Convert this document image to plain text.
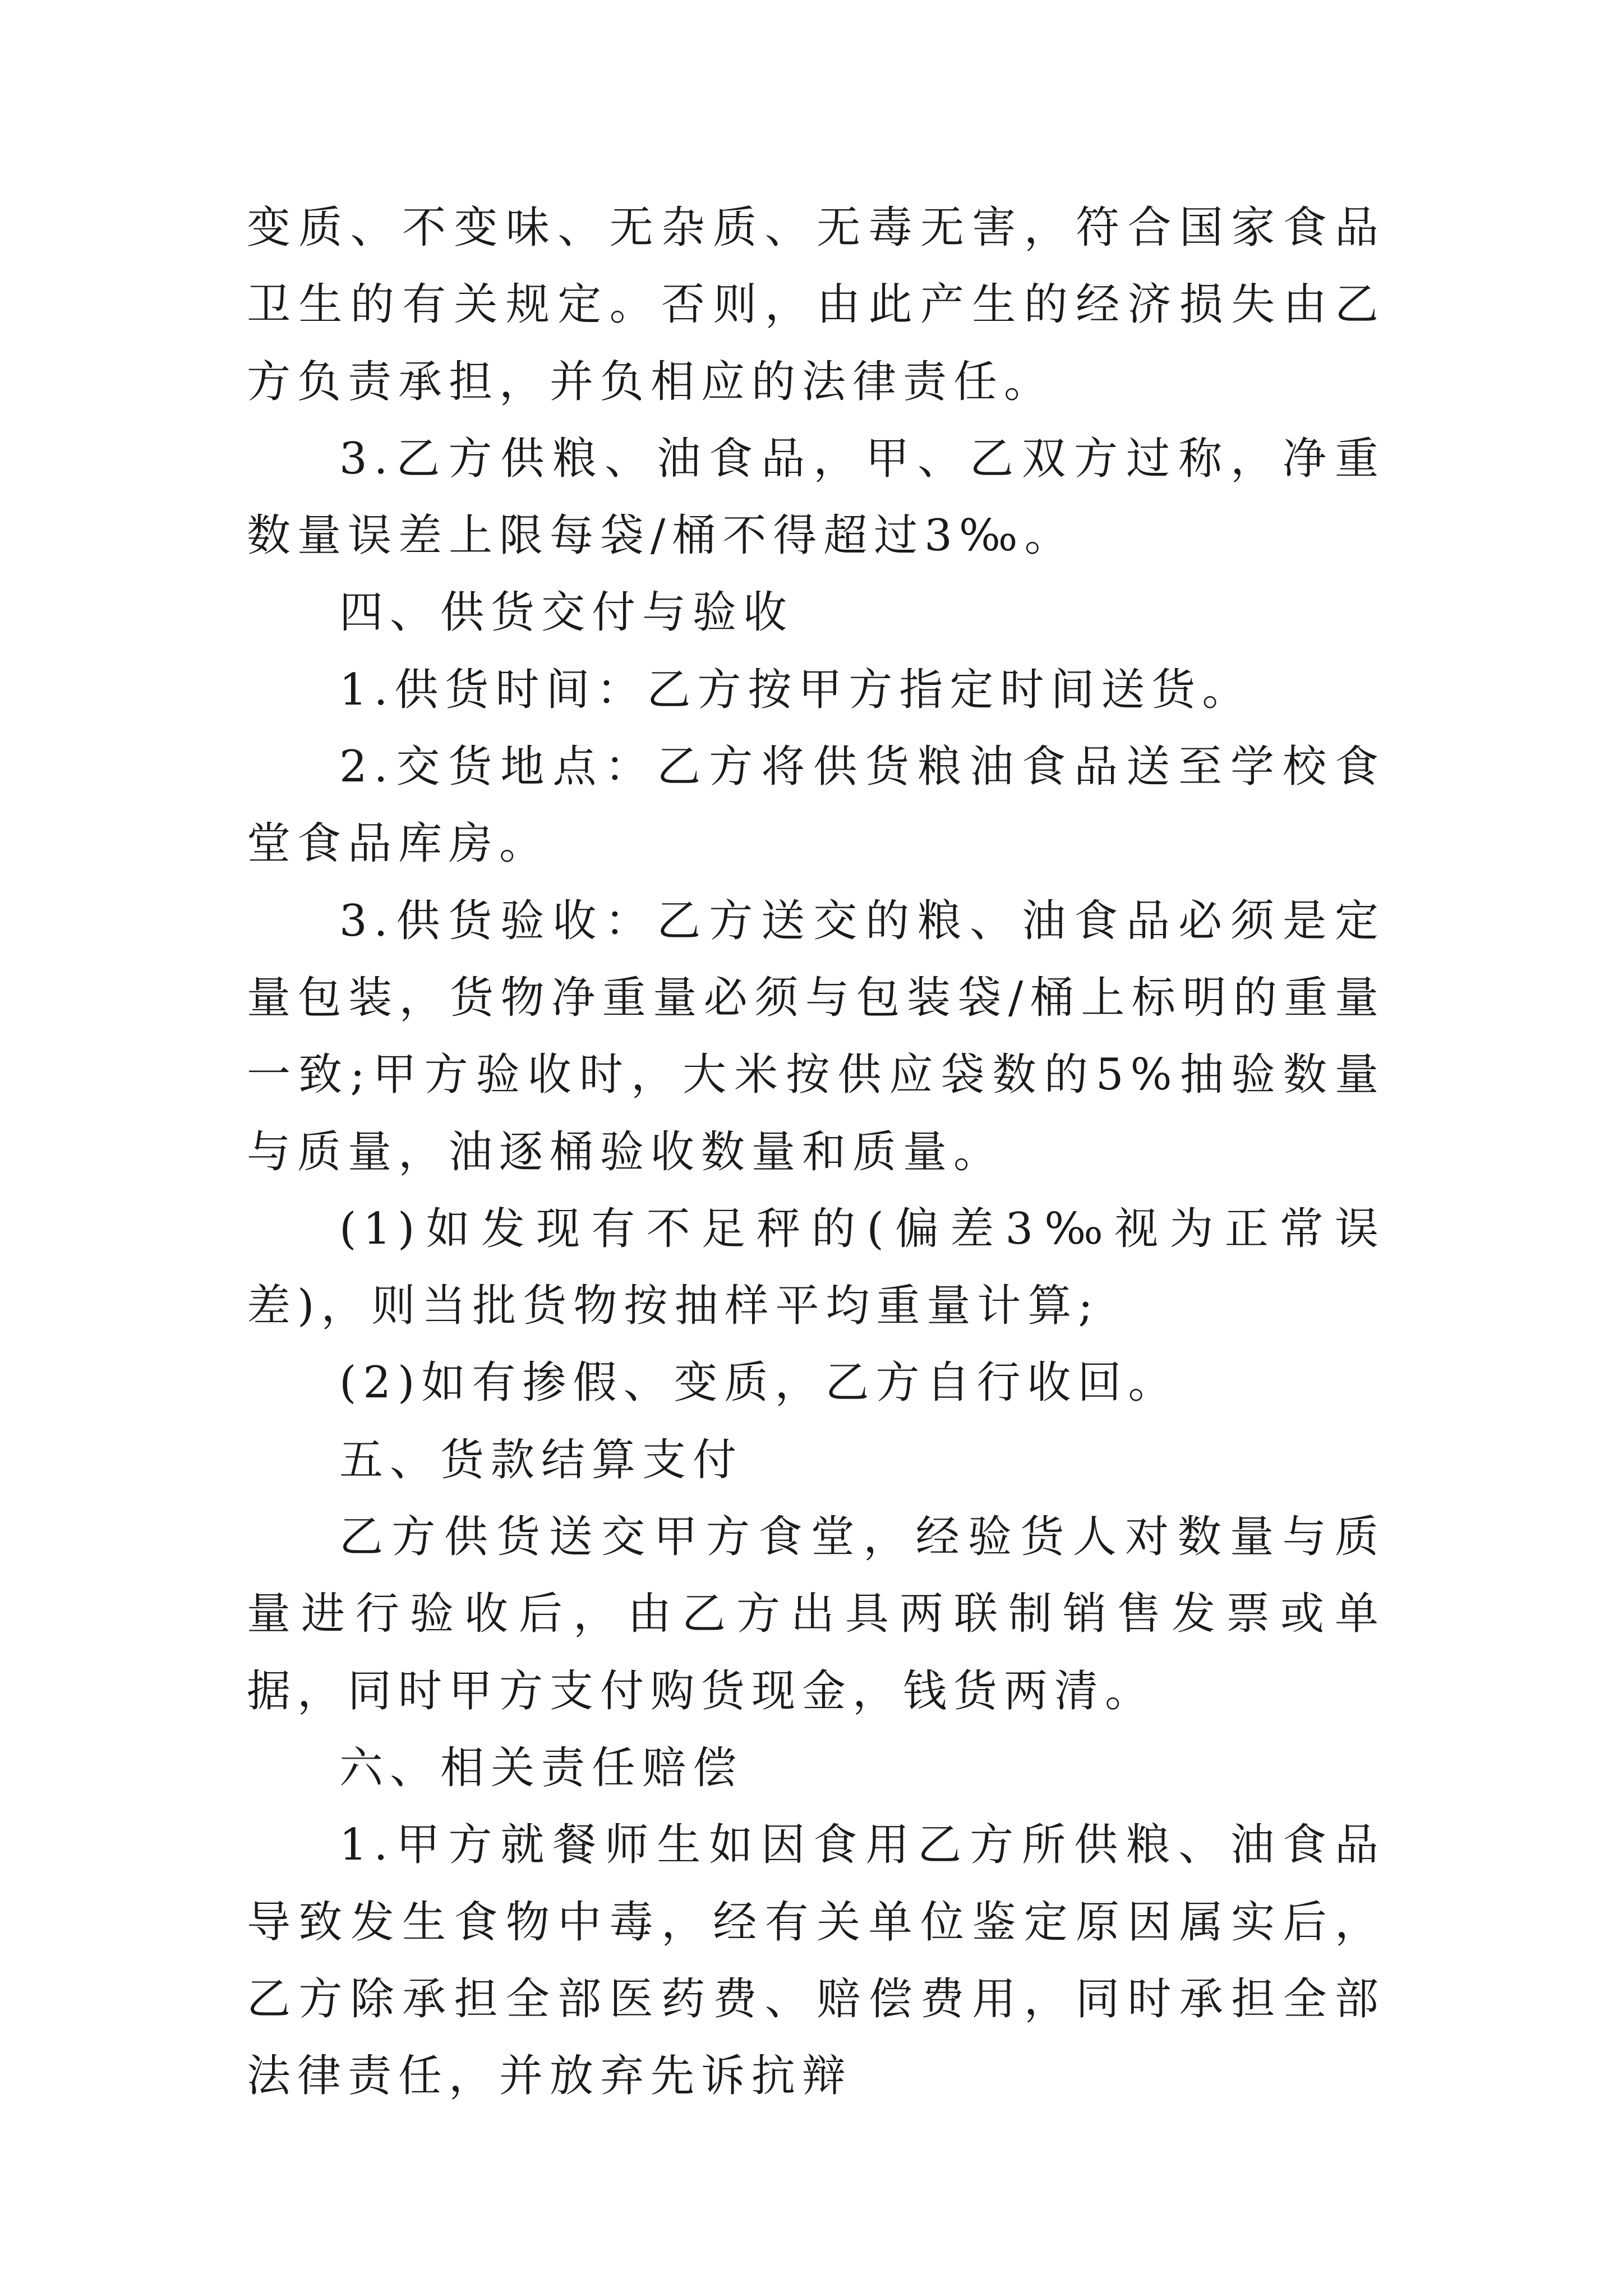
变质、不变味、无杂质、无毒无害，符合国家食品卫生的有关规定。否则，由此产生的经济损失由乙方负责承担，并负相应的法律责任。

3.乙方供粮、油食品，甲、乙双方过称，净重数量误差上限每袋/桶不得超过3‰。

四、供货交付与验收

1.供货时间：乙方按甲方指定时间送货。

2.交货地点：乙方将供货粮油食品送至学校食堂食品库房。

3.供货验收：乙方送交的粮、油食品必须是定量包装，货物净重量必须与包装袋/桶上标明的重量一致;甲方验收时，大米按供应袋数的5%抽验数量与质量，油逐桶验收数量和质量。

(1)如发现有不足秤的(偏差3‰视为正常误差)，则当批货物按抽样平均重量计算;

(2)如有掺假、变质，乙方自行收回。

五、货款结算支付

乙方供货送交甲方食堂，经验货人对数量与质量进行验收后，由乙方出具两联制销售发票或单据，同时甲方支付购货现金，钱货两清。

六、相关责任赔偿

1.甲方就餐师生如因食用乙方所供粮、油食品导致发生食物中毒，经有关单位鉴定原因属实后，乙方除承担全部医药费、赔偿费用，同时承担全部法律责任，并放弃先诉抗辩
